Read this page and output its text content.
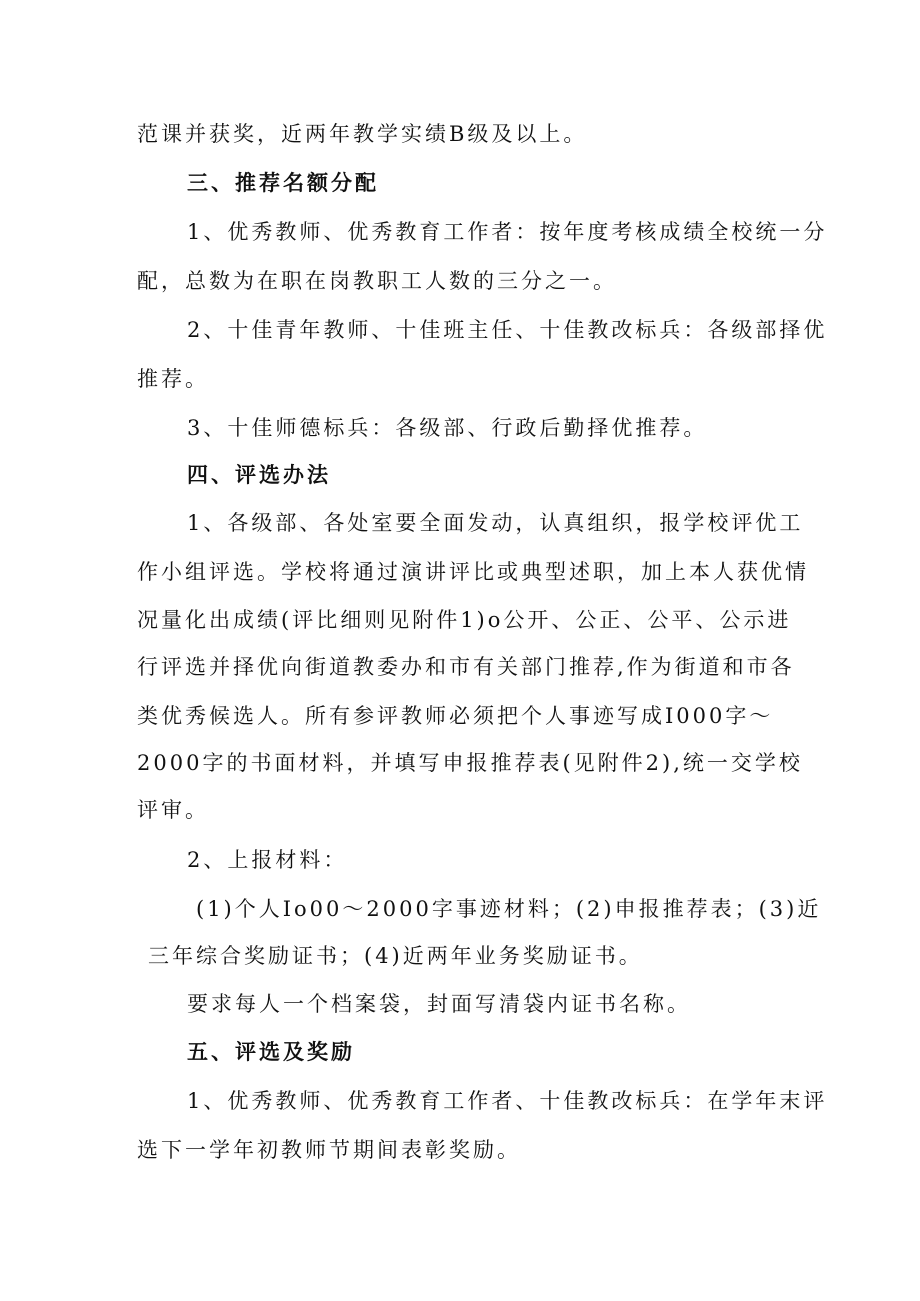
范课并获奖，近两年教学实绩B级及以上。
三、推荐名额分配
1、优秀教师、优秀教育工作者：按年度考核成绩全校统一分
配，总数为在职在岗教职工人数的三分之一。
2、十佳青年教师、十佳班主任、十佳教改标兵：各级部择优
推荐。
3、十佳师德标兵：各级部、行政后勤择优推荐。
四、评选办法
1、各级部、各处室要全面发动，认真组织，报学校评优工
作小组评选。学校将通过演讲评比或典型述职，加上本人获优情
况量化出成绩(评比细则见附件1)o公开、公正、公平、公示进
行评选并择优向街道教委办和市有关部门推荐,作为街道和市各
类优秀候选人。所有参评教师必须把个人事迹写成I000字～
2000字的书面材料，并填写申报推荐表(见附件2),统一交学校
评审。
2、上报材料：
(1)个人Io00～2000字事迹材料；(2)申报推荐表；(3)近
三年综合奖励证书；(4)近两年业务奖励证书。
要求每人一个档案袋，封面写清袋内证书名称。
五、评选及奖励
1、优秀教师、优秀教育工作者、十佳教改标兵：在学年末评
选下一学年初教师节期间表彰奖励。
